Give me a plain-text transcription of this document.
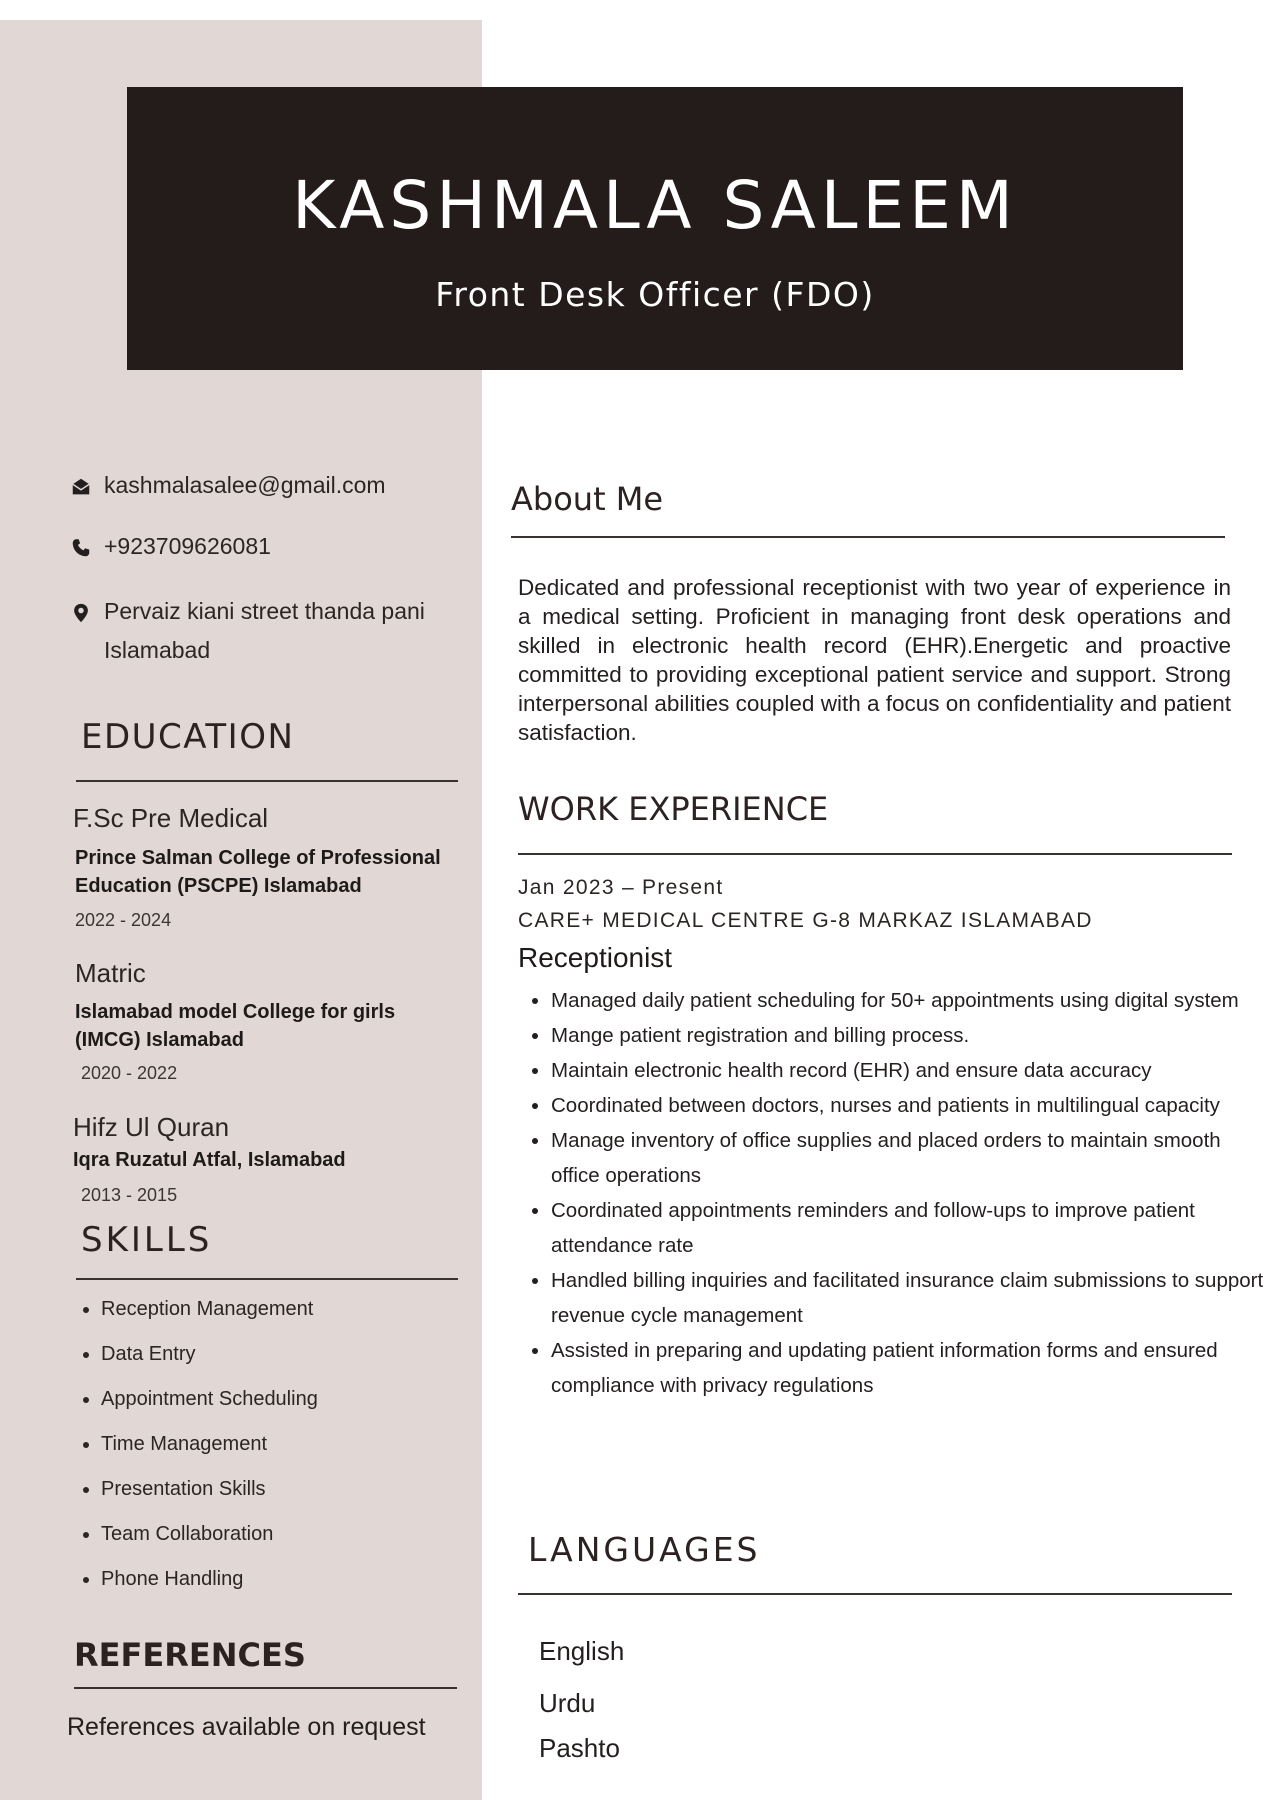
KASHMALA SALEEM
Front Desk Officer (FDO)
kashmalasalee@gmail.com
+923709626081
Pervaiz kiani street thanda pani
Islamabad
EDUCATION
F.Sc Pre Medical
Prince Salman College of Professional Education (PSCPE) Islamabad
2022 - 2024
Matric
Islamabad model College for girls (IMCG) Islamabad
2020 - 2022
Hifz Ul Quran
Iqra Ruzatul Atfal, Islamabad
2013 - 2015
SKILLS
• Reception Management
• Data Entry
• Appointment Scheduling
• Time Management
• Presentation Skills
• Team Collaboration
• Phone Handling
REFERENCES
References available on request
About Me
Dedicated and professional receptionist with two year of experience in a medical setting. Proficient in managing front desk operations and skilled in electronic health record (EHR).Energetic and proactive committed to providing exceptional patient service and support. Strong interpersonal abilities coupled with a focus on confidentiality and patient satisfaction.
WORK EXPERIENCE
Jan 2023 – Present
CARE+ MEDICAL CENTRE G-8 MARKAZ ISLAMABAD
Receptionist
• Managed daily patient scheduling for 50+ appointments using digital system
• Mange patient registration and billing process.
• Maintain electronic health record (EHR) and ensure data accuracy
• Coordinated between doctors, nurses and patients in multilingual capacity
• Manage inventory of office supplies and placed orders to maintain smooth office operations
• Coordinated appointments reminders and follow-ups to improve patient attendance rate
• Handled billing inquiries and facilitated insurance claim submissions to support revenue cycle management
• Assisted in preparing and updating patient information forms and ensured compliance with privacy regulations
LANGUAGES
English
Urdu
Pashto
